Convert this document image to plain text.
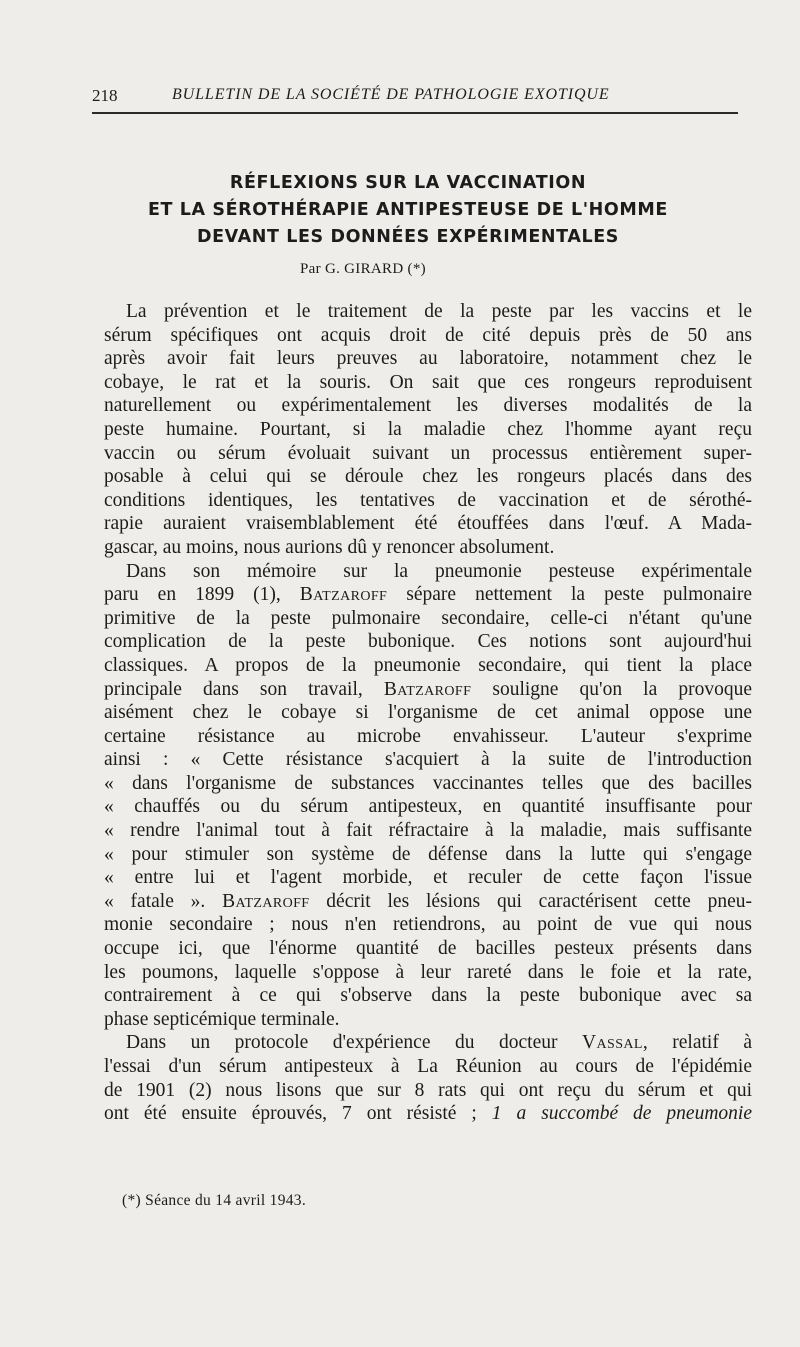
218	BULLETIN DE LA SOCIÉTÉ DE PATHOLOGIE EXOTIQUE
RÉFLEXIONS SUR LA VACCINATION
ET LA SÉROTHÉRAPIE ANTIPESTEUSE DE L'HOMME
DEVANT LES DONNÉES EXPÉRIMENTALES
Par G. GIRARD (*)
La prévention et le traitement de la peste par les vaccins et le
sérum spécifiques ont acquis droit de cité depuis près de 50 ans
après avoir fait leurs preuves au laboratoire, notamment chez le
cobaye, le rat et la souris. On sait que ces rongeurs reproduisent
naturellement ou expérimentalement les diverses modalités de la
peste humaine. Pourtant, si la maladie chez l'homme ayant reçu
vaccin ou sérum évoluait suivant un processus entièrement super-
posable à celui qui se déroule chez les rongeurs placés dans des
conditions identiques, les tentatives de vaccination et de sérothé-
rapie auraient vraisemblablement été étouffées dans l'œuf. A Mada-
gascar, au moins, nous aurions dû y renoncer absolument.
Dans son mémoire sur la pneumonie pesteuse expérimentale
paru en 1899 (1), Batzaroff sépare nettement la peste pulmonaire
primitive de la peste pulmonaire secondaire, celle-ci n'étant qu'une
complication de la peste bubonique. Ces notions sont aujourd'hui
classiques. A propos de la pneumonie secondaire, qui tient la place
principale dans son travail, Batzaroff souligne qu'on la provoque
aisément chez le cobaye si l'organisme de cet animal oppose une
certaine résistance au microbe envahisseur. L'auteur s'exprime
ainsi : « Cette résistance s'acquiert à la suite de l'introduction
« dans l'organisme de substances vaccinantes telles que des bacilles
« chauffés ou du sérum antipesteux, en quantité insuffisante pour
« rendre l'animal tout à fait réfractaire à la maladie, mais suffisante
« pour stimuler son système de défense dans la lutte qui s'engage
« entre lui et l'agent morbide, et reculer de cette façon l'issue
« fatale ». Batzaroff décrit les lésions qui caractérisent cette pneu-
monie secondaire ; nous n'en retiendrons, au point de vue qui nous
occupe ici, que l'énorme quantité de bacilles pesteux présents dans
les poumons, laquelle s'oppose à leur rareté dans le foie et la rate,
contrairement à ce qui s'observe dans la peste bubonique avec sa
phase septicémique terminale.
Dans un protocole d'expérience du docteur Vassal, relatif à
l'essai d'un sérum antipesteux à La Réunion au cours de l'épidémie
de 1901 (2) nous lisons que sur 8 rats qui ont reçu du sérum et qui
ont été ensuite éprouvés, 7 ont résisté ; 1 a succombé de pneumonie
(*) Séance du 14 avril 1943.
